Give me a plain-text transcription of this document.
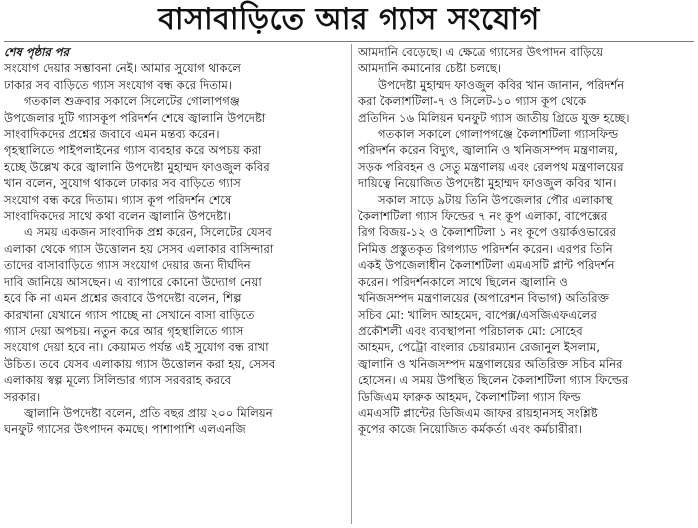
বাসাবাড়িতে আর গ্যাস সংযোগ
শেষ পৃষ্ঠার পর
সংযোগ দেয়ার সম্ভাবনা নেই। আমার সুযোগ থাকলে
ঢাকার সব বাড়িতে গ্যাস সংযোগ বন্ধ করে দিতাম।
গতকাল শুক্রবার সকালে সিলেটের গোলাপগঞ্জ
উপজেলার দুটি গ্যাসকূপ পরিদর্শন শেষে জ্বালানি উপদেষ্টা
সাংবাদিকদের প্রশ্নের জবাবে এমন মন্তব্য করেন।
গৃহস্থালিতে পাইপলাইনের গ্যাস ব্যবহার করে অপচয় করা
হচ্ছে উল্লেখ করে জ্বালানি উপদেষ্টা মুহাম্মদ ফাওজুল কবির
খান বলেন, সুযোগ থাকলে ঢাকার সব বাড়িতে গ্যাস
সংযোগ বন্ধ করে দিতাম। গ্যাস কূপ পরিদর্শন শেষে
সাংবাদিকদের সাথে কথা বলেন জ্বালানি উপদেষ্টা।
এ সময় একজন সাংবাদিক প্রশ্ন করেন, সিলেটের যেসব
এলাকা থেকে গ্যাস উত্তোলন হয় সেসব এলাকার বাসিন্দারা
তাদের বাসাবাড়িতে গ্যাস সংযোগ দেয়ার জন্য দীর্ঘদিন
দাবি জানিয়ে আসছেন। এ ব্যাপারে কোনো উদ্যোগ নেয়া
হবে কি না এমন প্রশ্নের জবাবে উপদেষ্টা বলেন, শিল্প
কারখানা যেখানে গ্যাস পাচ্ছে না সেখানে বাসা বাড়িতে
গ্যাস দেয়া অপচয়। নতুন করে আর গৃহস্থালিতে গ্যাস
সংযোগ দেয়া হবে না। কেয়ামত পর্যন্ত এই সুযোগ বন্ধ রাখা
উচিত। তবে যেসব এলাকায় গ্যাস উত্তোলন করা হয়, সেসব
এলাকায় স্বল্প মূল্যে সিলিন্ডার গ্যাস সরবরাহ করবে
সরকার।
জ্বালানি উপদেষ্টা বলেন, প্রতি বছর প্রায় ২০০ মিলিয়ন
ঘনফুট গ্যাসের উৎপাদন কমছে। পাশাপাশি এলএনজি
আমদানি বেড়েছে। এ ক্ষেত্রে গ্যাসের উৎপাদন বাড়িয়ে
আমদানি কমানোর চেষ্টা চলছে।
উপদেষ্টা মুহাম্মদ ফাওজুল কবির খান জানান, পরিদর্শন
করা কৈলাশটিলা-৭ ও সিলেট-১০ গ্যাস কূপ থেকে
প্রতিদিন ১৬ মিলিয়ন ঘনফুট গ্যাস জাতীয় গ্রিডে যুক্ত হচ্ছে।
গতকাল সকালে গোলাপগঞ্জে কৈলাশটিলা গ্যাসফিল্ড
পরিদর্শন করেন বিদ্যুৎ, জ্বালানি ও খনিজসম্পদ মন্ত্রণালয়,
সড়ক পরিবহন ও সেতু মন্ত্রণালয় এবং রেলপথ মন্ত্রণালয়ের
দায়িত্বে নিয়োজিত উপদেষ্টা মুহাম্মদ ফাওজুল কবির খান।
সকাল সাড়ে ৯টায় তিনি উপজেলার পৌর এলাকাস্থ
কৈলাশটিলা গ্যাস ফিল্ডের ৭ নং কূপ এলাকা, বাপেক্সের
রিগ বিজয়-১২ ও কৈলাশটিলা ১ নং কূপে ওয়ার্কওভারের
নিমিত্ত প্রস্তুতকৃত রিগপ্যাড পরিদর্শন করেন। এরপর তিনি
একই উপজেলাধীন কৈলাশটিলা এমএসটি প্লান্ট পরিদর্শন
করেন। পরিদর্শনকালে সাথে ছিলেন জ্বালানি ও
খনিজসম্পদ মন্ত্রণালয়ের (অপারেশন বিভাগ) অতিরিক্ত
সচিব মো: খালিদ আহমেদ, বাপেক্স/এসজিএফএলের
প্রকৌশলী এবং ব্যবস্থাপনা পরিচালক মো: সোহেব
আহমদ, পেট্রো বাংলার চেয়ারম্যান রেজানুল ইসলাম,
জ্বালানি ও খনিজসম্পদ মন্ত্রণালয়ের অতিরিক্ত সচিব মনির
হোসেন। এ সময় উপস্থিত ছিলেন কৈলাশটিলা গ্যাস ফিল্ডের
ডিজিএম ফারুক আহমদ, কৈলাশটিলা গ্যাস ফিল্ড
এমএসটি প্লান্টের ডিজিএম জাফর রায়হানসহ সংশ্লিষ্ট
কূপের কাজে নিয়োজিত কর্মকর্তা এবং কর্মচারীরা।
